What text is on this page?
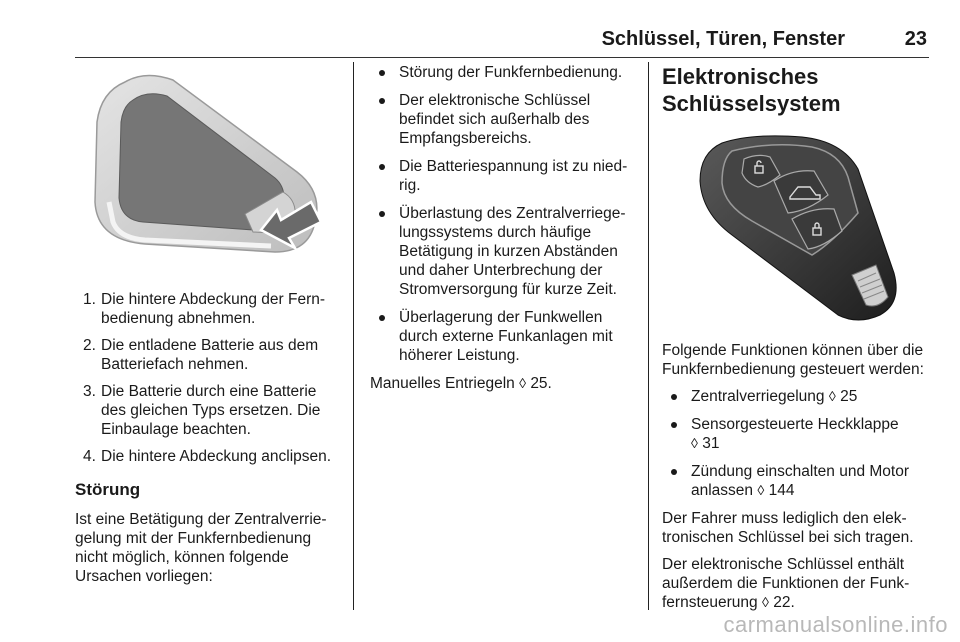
Schlüssel, Türen, Fenster	23
1. Die hintere Abdeckung der Fernbedienung abnehmen.
2. Die entladene Batterie aus dem Batteriefach nehmen.
3. Die Batterie durch eine Batterie des gleichen Typs ersetzen. Die Einbaulage beachten.
4. Die hintere Abdeckung anclipsen.
Störung

Ist eine Betätigung der Zentralverriegelung mit der Funkfernbedienung nicht möglich, können folgende Ursachen vorliegen:

Störung der Funkfernbedienung.
Der elektronische Schlüssel befindet sich außerhalb des Empfangsbereichs.
Die Batteriespannung ist zu niedrig.
Überlastung des Zentralverriegelungssystems durch häufige Betätigung in kurzen Abständen und daher Unterbrechung der Stromversorgung für kurze Zeit.
Überlagerung der Funkwellen durch externe Funkanlagen mit höherer Leistung.

Manuelles Entriegeln ◊ 25.

Elektronisches Schlüsselsystem

Folgende Funktionen können über die Funkfernbedienung gesteuert werden:

Zentralverriegelung ◊ 25
Sensorgesteuerte Heckklappe
◊ 31
Zündung einschalten und Motor anlassen ◊ 144

Der Fahrer muss lediglich den elektronischen Schlüssel bei sich tragen.

Der elektronische Schlüssel enthält außerdem die Funktionen der Funkfernsteuerung ◊ 22.

carmanualsonline.info
